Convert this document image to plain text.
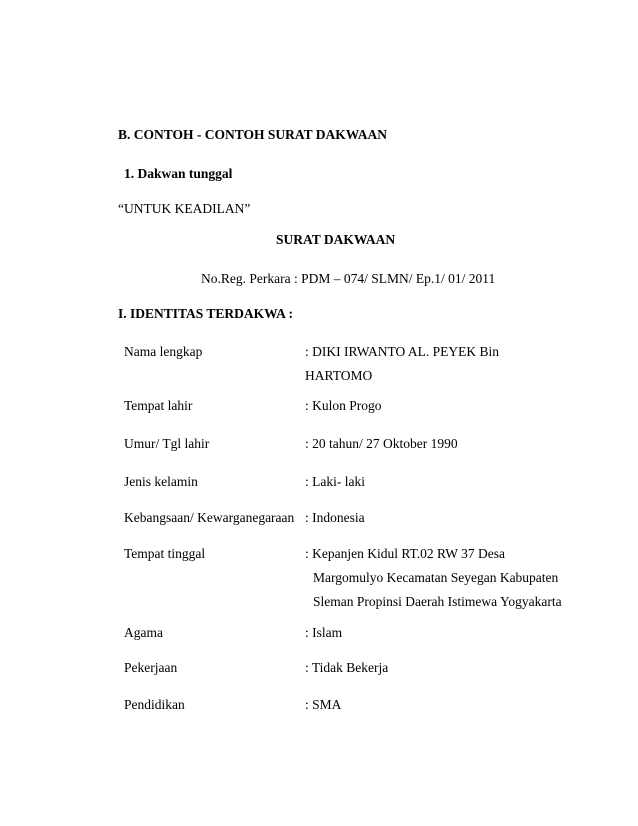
B. CONTOH - CONTOH SURAT DAKWAAN
1. Dakwan tunggal
“UNTUK KEADILAN”
SURAT DAKWAAN
No.Reg. Perkara : PDM – 074/ SLMN/ Ep.1/ 01/ 2011
I. IDENTITAS TERDAKWA :
Nama lengkap	: DIKI IRWANTO AL. PEYEK Bin
HARTOMO
Tempat lahir	: Kulon Progo
Umur/ Tgl lahir	: 20 tahun/ 27 Oktober 1990
Jenis kelamin	: Laki- laki
Kebangsaan/ Kewarganegaraan : Indonesia
Tempat tinggal	: Kepanjen Kidul RT.02 RW 37 Desa
Margomulyo Kecamatan Seyegan Kabupaten
Sleman Propinsi Daerah Istimewa Yogyakarta
Agama	: Islam
Pekerjaan	: Tidak Bekerja
Pendidikan	: SMA
